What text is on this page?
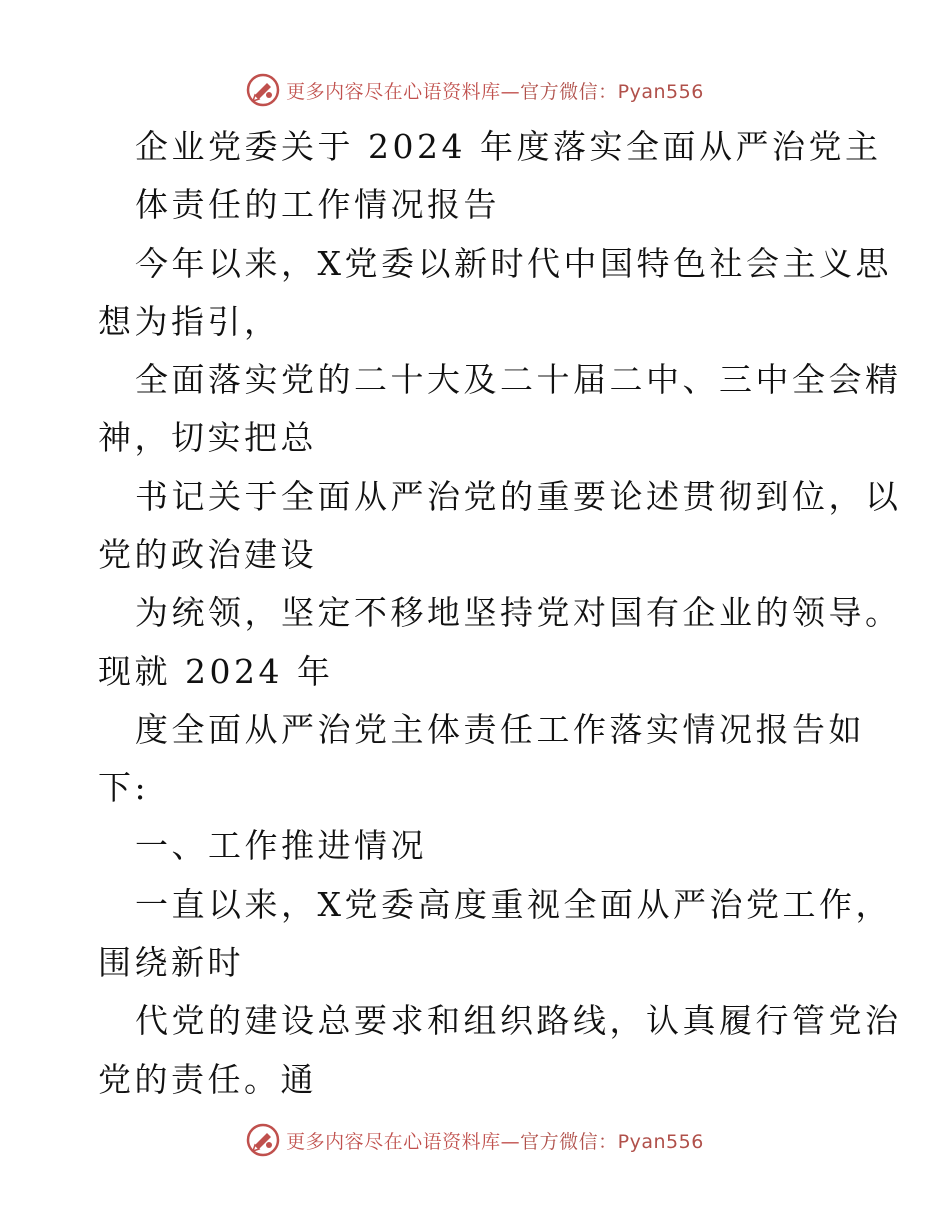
更多内容尽在心语资料库—官方微信：Pyan556
企业党委关于 2024 年度落实全面从严治党主
体责任的工作情况报告
今年以来，X党委以新时代中国特色社会主义思
想为指引，
全面落实党的二十大及二十届二中、三中全会精
神，切实把总
书记关于全面从严治党的重要论述贯彻到位，以
党的政治建设
为统领，坚定不移地坚持党对国有企业的领导。
现就 2024 年
度全面从严治党主体责任工作落实情况报告如
下:
一、工作推进情况
一直以来，X党委高度重视全面从严治党工作，
围绕新时
代党的建设总要求和组织路线，认真履行管党治
党的责任。通
更多内容尽在心语资料库—官方微信：Pyan556
